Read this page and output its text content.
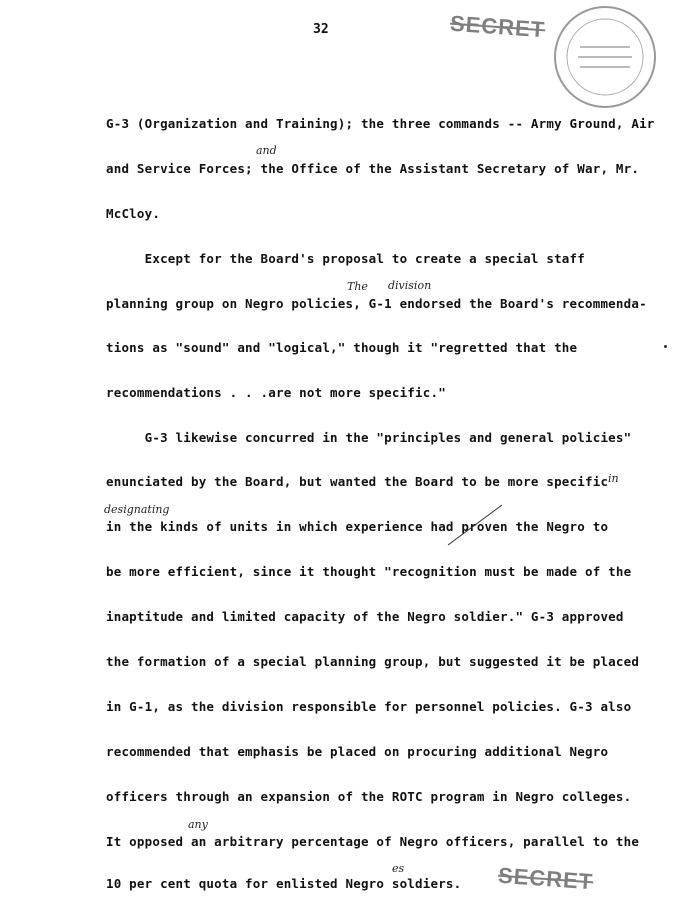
32	SECRET
G-3 (Organization and Training); the three commands -- Army Ground, Air
and Service Forces; the Office of the Assistant Secretary of War, Mr.
McCloy.
Except for the Board's proposal to create a special staff
planning group on Negro policies, G-1 endorsed the Board's recommenda-
tions as "sound" and "logical," though it "regretted that the
recommendations . . .are not more specific."
G-3 likewise concurred in the "principles and general policies"
enunciated by the Board, but wanted the Board to be more specific
in the kinds of units in which experience had proven the Negro to
be more efficient, since it thought "recognition must be made of the
inaptitude and limited capacity of the Negro soldier." G-3 approved
the formation of a special planning group, but suggested it be placed
in G-1, as the division responsible for personnel policies. G-3 also
recommended that emphasis be placed on procuring additional Negro
officers through an expansion of the ROTC program in Negro colleges.
It opposed an arbitrary percentage of Negro officers, parallel to the
10 per cent quota for enlisted Negro soldiers.
and
The division
in
designating
any
es	SECRET
